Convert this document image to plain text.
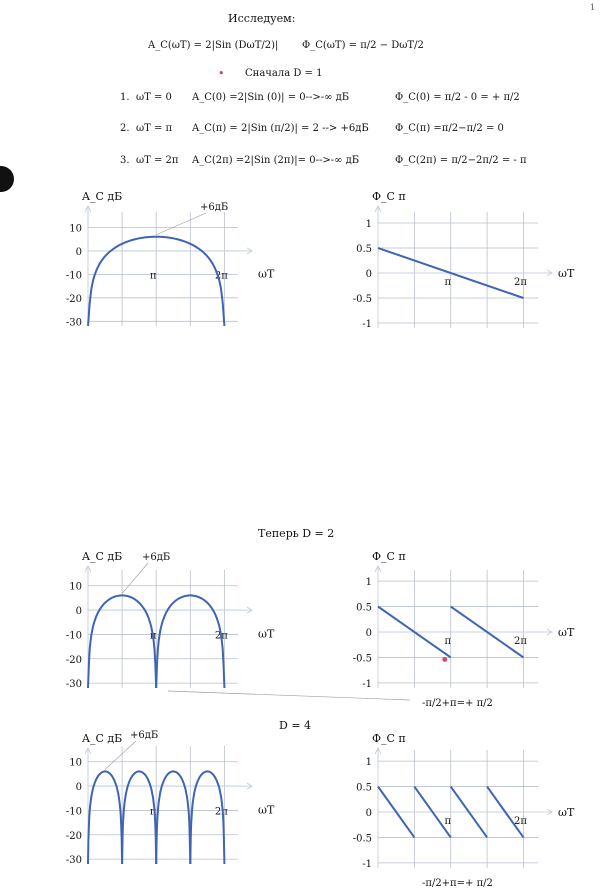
1
Исследуем:
A_C(ωT) = 2|Sin (DωT/2)| Φ_C(ωT) = π/2 − DωT/2
• Сначала D = 1
1. ωT = 0 A_C(0) =2|Sin (0)| = 0-->-∞ дБ	Φ_C(0) = π/2 - 0 = + π/2
2. ωT = π A_C(π) = 2|Sin (π/2)| = 2 --> +6дБ	Φ_C(π) =π/2−π/2 = 0
3. ωT = 2π A_C(2π) =2|Sin (2π)|= 0-->-∞ дБ	Φ_C(2π) = π/2−2π/2 = - π
Теперь D = 2
D = 4
A_C дБ
10
0
-10
-20
-30
ωT
π	2π
+6дБ
Φ_C π
1
0.5
0
-0.5
-1
ωT
π	2π
A_C дБ
10
0
-10
-20
-30
ωT
π	2π
+6дБ	Φ_C π
1
0.5
0
-0.5
-1
ωT
π	2π
-π/2+π=+ π/2
A_C дБ
10
0
-10
-20
-30
ωT
π	2π
+6дБ	Φ_C π
1
0.5
0
-0.5
-1
ωT
π	2π
-π/2+π=+ π/2
